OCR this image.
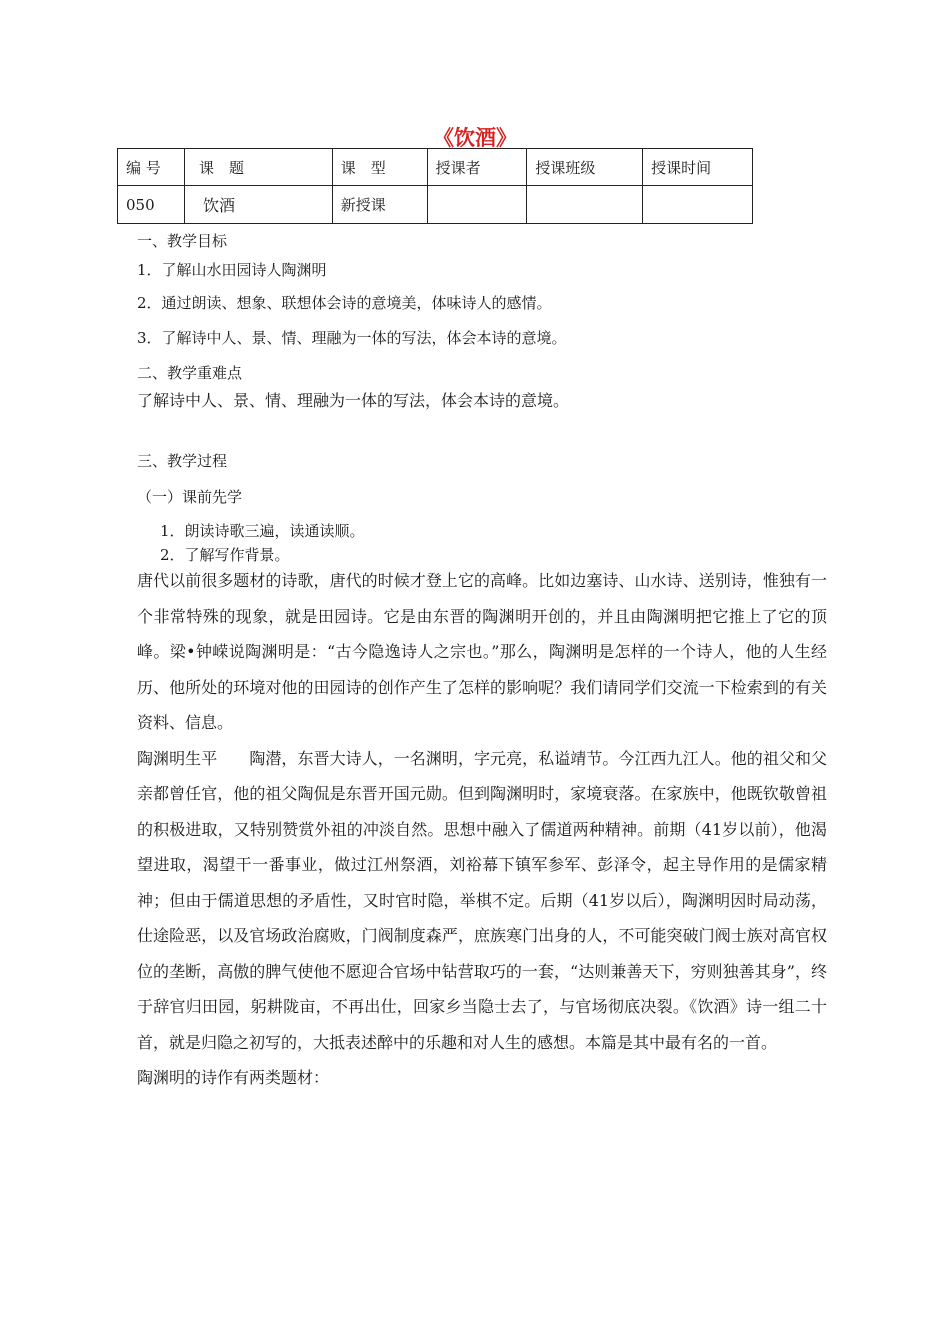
《饮酒》
编 号	课　题	课　型	授课者	授课班级	授课时间
050	饮酒	新授课			
一、教学目标
1．了解山水田园诗人陶渊明
2．通过朗读、想象、联想体会诗的意境美，体味诗人的感情。
3．了解诗中人、景、情、理融为一体的写法，体会本诗的意境。
二、教学重难点
了解诗中人、景、情、理融为一体的写法，体会本诗的意境。
三、教学过程
（一）课前先学
1．朗读诗歌三遍，读通读顺。
2．了解写作背景。

唐代以前很多题材的诗歌，唐代的时候才登上它的高峰。比如边塞诗、山水诗、送别诗，惟独有一个非常特殊的现象，就是田园诗。它是由东晋的陶渊明开创的，并且由陶渊明把它推上了它的顶峰。梁•钟嵘说陶渊明是：“古今隐逸诗人之宗也。”那么，陶渊明是怎样的一个诗人，他的人生经历、他所处的环境对他的田园诗的创作产生了怎样的影响呢？我们请同学们交流一下检索到的有关资料、信息。

陶渊明生平　　陶潜，东晋大诗人，一名渊明，字元亮，私谥靖节。今江西九江人。他的祖父和父亲都曾任官，他的祖父陶侃是东晋开国元勋。但到陶渊明时，家境衰落。在家族中，他既钦敬曾祖的积极进取，又特别赞赏外祖的冲淡自然。思想中融入了儒道两种精神。前期（41岁以前），他渴望进取，渴望干一番事业，做过江州祭酒，刘裕幕下镇军参军、彭泽令，起主导作用的是儒家精神；但由于儒道思想的矛盾性，又时官时隐，举棋不定。后期（41岁以后），陶渊明因时局动荡，仕途险恶，以及官场政治腐败，门阀制度森严，庶族寒门出身的人，不可能突破门阀士族对高官权位的垄断，高傲的脾气使他不愿迎合官场中钻营取巧的一套，“达则兼善天下，穷则独善其身”，终于辞官归田园，躬耕陇亩，不再出仕，回家乡当隐士去了，与官场彻底决裂。《饮酒》诗一组二十首，就是归隐之初写的，大抵表述醉中的乐趣和对人生的感想。本篇是其中最有名的一首。

陶渊明的诗作有两类题材：
